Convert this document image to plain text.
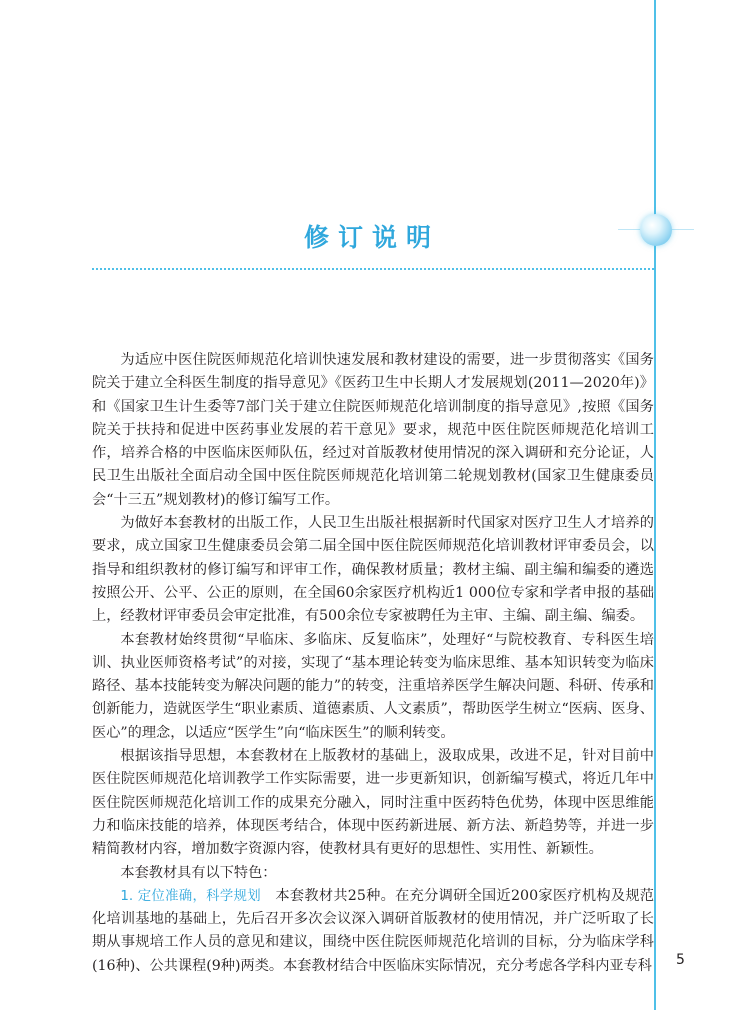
修订说明

为适应中医住院医师规范化培训快速发展和教材建设的需要，进一步贯彻落实《国务院关于建立全科医生制度的指导意见》《医药卫生中长期人才发展规划(2011—2020年)》和《国家卫生计生委等7部门关于建立住院医师规范化培训制度的指导意见》,按照《国务院关于扶持和促进中医药事业发展的若干意见》要求，规范中医住院医师规范化培训工作，培养合格的中医临床医师队伍，经过对首版教材使用情况的深入调研和充分论证，人民卫生出版社全面启动全国中医住院医师规范化培训第二轮规划教材(国家卫生健康委员会“十三五”规划教材)的修订编写工作。

为做好本套教材的出版工作，人民卫生出版社根据新时代国家对医疗卫生人才培养的要求，成立国家卫生健康委员会第二届全国中医住院医师规范化培训教材评审委员会，以指导和组织教材的修订编写和评审工作，确保教材质量；教材主编、副主编和编委的遴选按照公开、公平、公正的原则，在全国60余家医疗机构近1 000位专家和学者申报的基础上，经教材评审委员会审定批准，有500余位专家被聘任为主审、主编、副主编、编委。

本套教材始终贯彻“早临床、多临床、反复临床”，处理好“与院校教育、专科医生培训、执业医师资格考试”的对接，实现了“基本理论转变为临床思维、基本知识转变为临床路径、基本技能转变为解决问题的能力”的转变，注重培养医学生解决问题、科研、传承和创新能力，造就医学生“职业素质、道德素质、人文素质”，帮助医学生树立“医病、医身、医心”的理念，以适应“医学生”向“临床医生”的顺利转变。

根据该指导思想，本套教材在上版教材的基础上，汲取成果，改进不足，针对目前中医住院医师规范化培训教学工作实际需要，进一步更新知识，创新编写模式，将近几年中医住院医师规范化培训工作的成果充分融入，同时注重中医药特色优势，体现中医思维能力和临床技能的培养，体现医考结合，体现中医药新进展、新方法、新趋势等，并进一步精简教材内容，增加数字资源内容，使教材具有更好的思想性、实用性、新颖性。

本套教材具有以下特色：

1. 定位准确，科学规划 本套教材共25种。在充分调研全国近200家医疗机构及规范化培训基地的基础上，先后召开多次会议深入调研首版教材的使用情况，并广泛听取了长期从事规培工作人员的意见和建议，围绕中医住院医师规范化培训的目标，分为临床学科(16种)、公共课程(9种)两类。本套教材结合中医临床实际情况，充分考虑各学科内亚专科 5
